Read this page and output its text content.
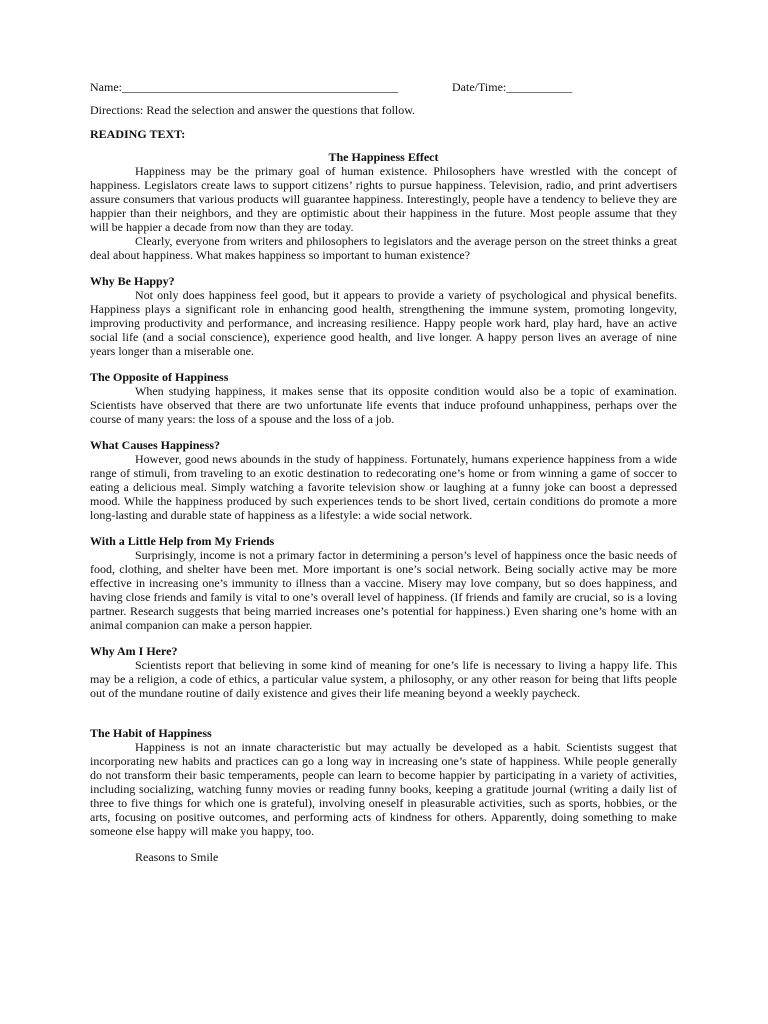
Name:______________________________________________	Date/Time:___________
Directions: Read the selection and answer the questions that follow.
READING TEXT:

The Happiness Effect

Happiness may be the primary goal of human existence. Philosophers have wrestled with the concept of happiness. Legislators create laws to support citizens’ rights to pursue happiness. Television, radio, and print advertisers assure consumers that various products will guarantee happiness. Interestingly, people have a tendency to believe they are happier than their neighbors, and they are optimistic about their happiness in the future. Most people assume that they will be happier a decade from now than they are today.

Clearly, everyone from writers and philosophers to legislators and the average person on the street thinks a great deal about happiness. What makes happiness so important to human existence?

Why Be Happy?

Not only does happiness feel good, but it appears to provide a variety of psychological and physical benefits. Happiness plays a significant role in enhancing good health, strengthening the immune system, promoting longevity, improving productivity and performance, and increasing resilience. Happy people work hard, play hard, have an active social life (and a social conscience), experience good health, and live longer. A happy person lives an average of nine years longer than a miserable one.

The Opposite of Happiness

When studying happiness, it makes sense that its opposite condition would also be a topic of examination. Scientists have observed that there are two unfortunate life events that induce profound unhappiness, perhaps over the course of many years: the loss of a spouse and the loss of a job.

What Causes Happiness?

However, good news abounds in the study of happiness. Fortunately, humans experience happiness from a wide range of stimuli, from traveling to an exotic destination to redecorating one’s home or from winning a game of soccer to eating a delicious meal. Simply watching a favorite television show or laughing at a funny joke can boost a depressed mood. While the happiness produced by such experiences tends to be short lived, certain conditions do promote a more long-lasting and durable state of happiness as a lifestyle: a wide social network.

With a Little Help from My Friends

Surprisingly, income is not a primary factor in determining a person’s level of happiness once the basic needs of food, clothing, and shelter have been met. More important is one’s social network. Being socially active may be more effective in increasing one’s immunity to illness than a vaccine. Misery may love company, but so does happiness, and having close friends and family is vital to one’s overall level of happiness. (If friends and family are crucial, so is a loving partner. Research suggests that being married increases one’s potential for happiness.) Even sharing one’s home with an animal companion can make a person happier.

Why Am I Here?

Scientists report that believing in some kind of meaning for one’s life is necessary to living a happy life. This may be a religion, a code of ethics, a particular value system, a philosophy, or any other reason for being that lifts people out of the mundane routine of daily existence and gives their life meaning beyond a weekly paycheck.

The Habit of Happiness

Happiness is not an innate characteristic but may actually be developed as a habit. Scientists suggest that incorporating new habits and practices can go a long way in increasing one’s state of happiness. While people generally do not transform their basic temperaments, people can learn to become happier by participating in a variety of activities, including socializing, watching funny movies or reading funny books, keeping a gratitude journal (writing a daily list of three to five things for which one is grateful), involving oneself in pleasurable activities, such as sports, hobbies, or the arts, focusing on positive outcomes, and performing acts of kindness for others. Apparently, doing something to make someone else happy will make you happy, too.

Reasons to Smile
